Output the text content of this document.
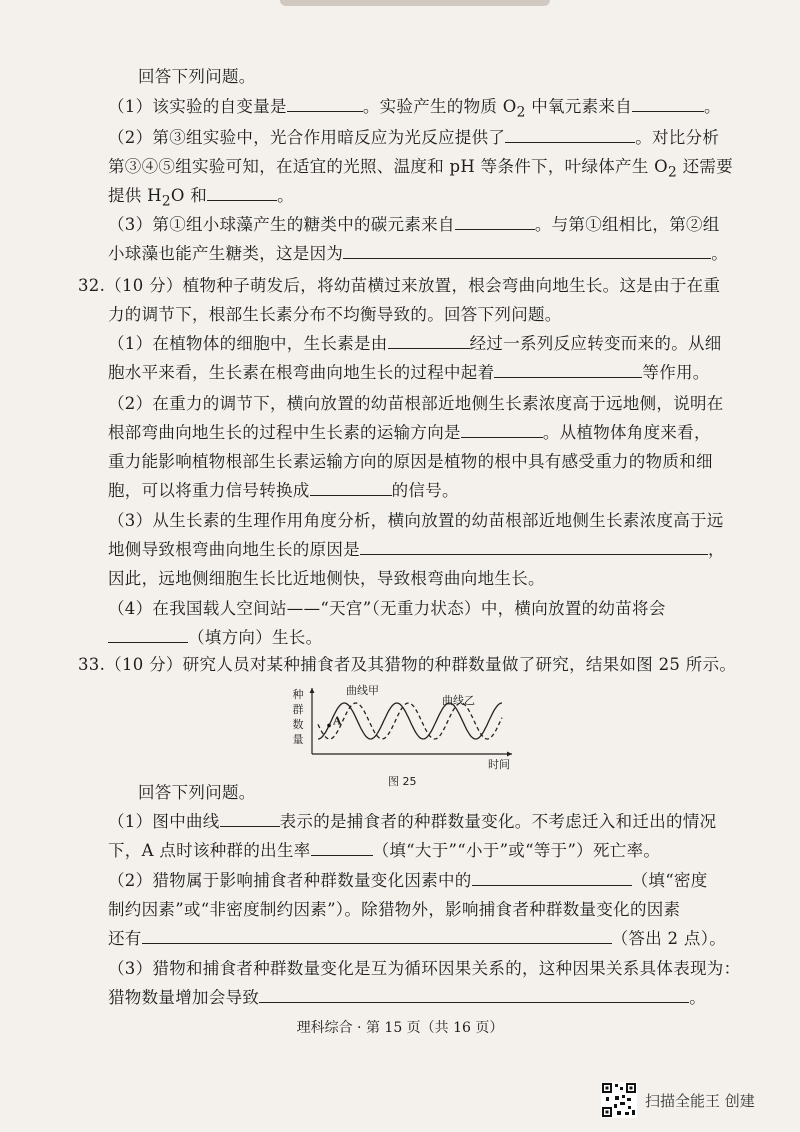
回答下列问题。
（1）该实验的自变量是	。实验产生的物质 $O_2$ 中氧元素来自	。
（2）第③组实验中，光合作用暗反应为光反应提供了	。对比分析
第③④⑤组实验可知，在适宜的光照、温度和 pH 等条件下，叶绿体产生 $O_2$ 还需要
提供 $H_2O$ 和	。
（3）第①组小球藻产生的糖类中的碳元素来自	。与第①组相比，第②组
小球藻也能产生糖类，这是因为	。
32.（10 分）植物种子萌发后，将幼苗横过来放置，根会弯曲向地生长。这是由于在重
力的调节下，根部生长素分布不均衡导致的。回答下列问题。
（1）在植物体的细胞中，生长素是由	经过一系列反应转变而来的。从细
胞水平来看，生长素在根弯曲向地生长的过程中起着	等作用。
（2）在重力的调节下，横向放置的幼苗根部近地侧生长素浓度高于远地侧，说明在
根部弯曲向地生长的过程中生长素的运输方向是	。从植物体角度来看，
重力能影响植物根部生长素运输方向的原因是植物的根中具有感受重力的物质和细
胞，可以将重力信号转换成	的信号。
（3）从生长素的生理作用角度分析，横向放置的幼苗根部近地侧生长素浓度高于远
地侧导致根弯曲向地生长的原因是	，
因此，远地侧细胞生长比近地侧快，导致根弯曲向地生长。
（4）在我国载人空间站——“天宫”（无重力状态）中，横向放置的幼苗将会
（填方向）生长。
33.（10 分）研究人员对某种捕食者及其猎物的种群数量做了研究，结果如图 25 所示。
种
群
数
量
时间
A
曲线甲
曲线乙
图 25
回答下列问题。
（1）图中曲线	表示的是捕食者的种群数量变化。不考虑迁入和迁出的情况
下，A 点时该种群的出生率	（填“大于”“小于”或“等于”）死亡率。
（2）猎物属于影响捕食者种群数量变化因素中的	（填“密度
制约因素”或“非密度制约因素”）。除猎物外，影响捕食者种群数量变化的因素
还有	（答出 2 点）。
（3）猎物和捕食者种群数量变化是互为循环因果关系的，这种因果关系具体表现为：
猎物数量增加会导致	。
理科综合 · 第 15 页（共 16 页）
扫描全能王 创建
